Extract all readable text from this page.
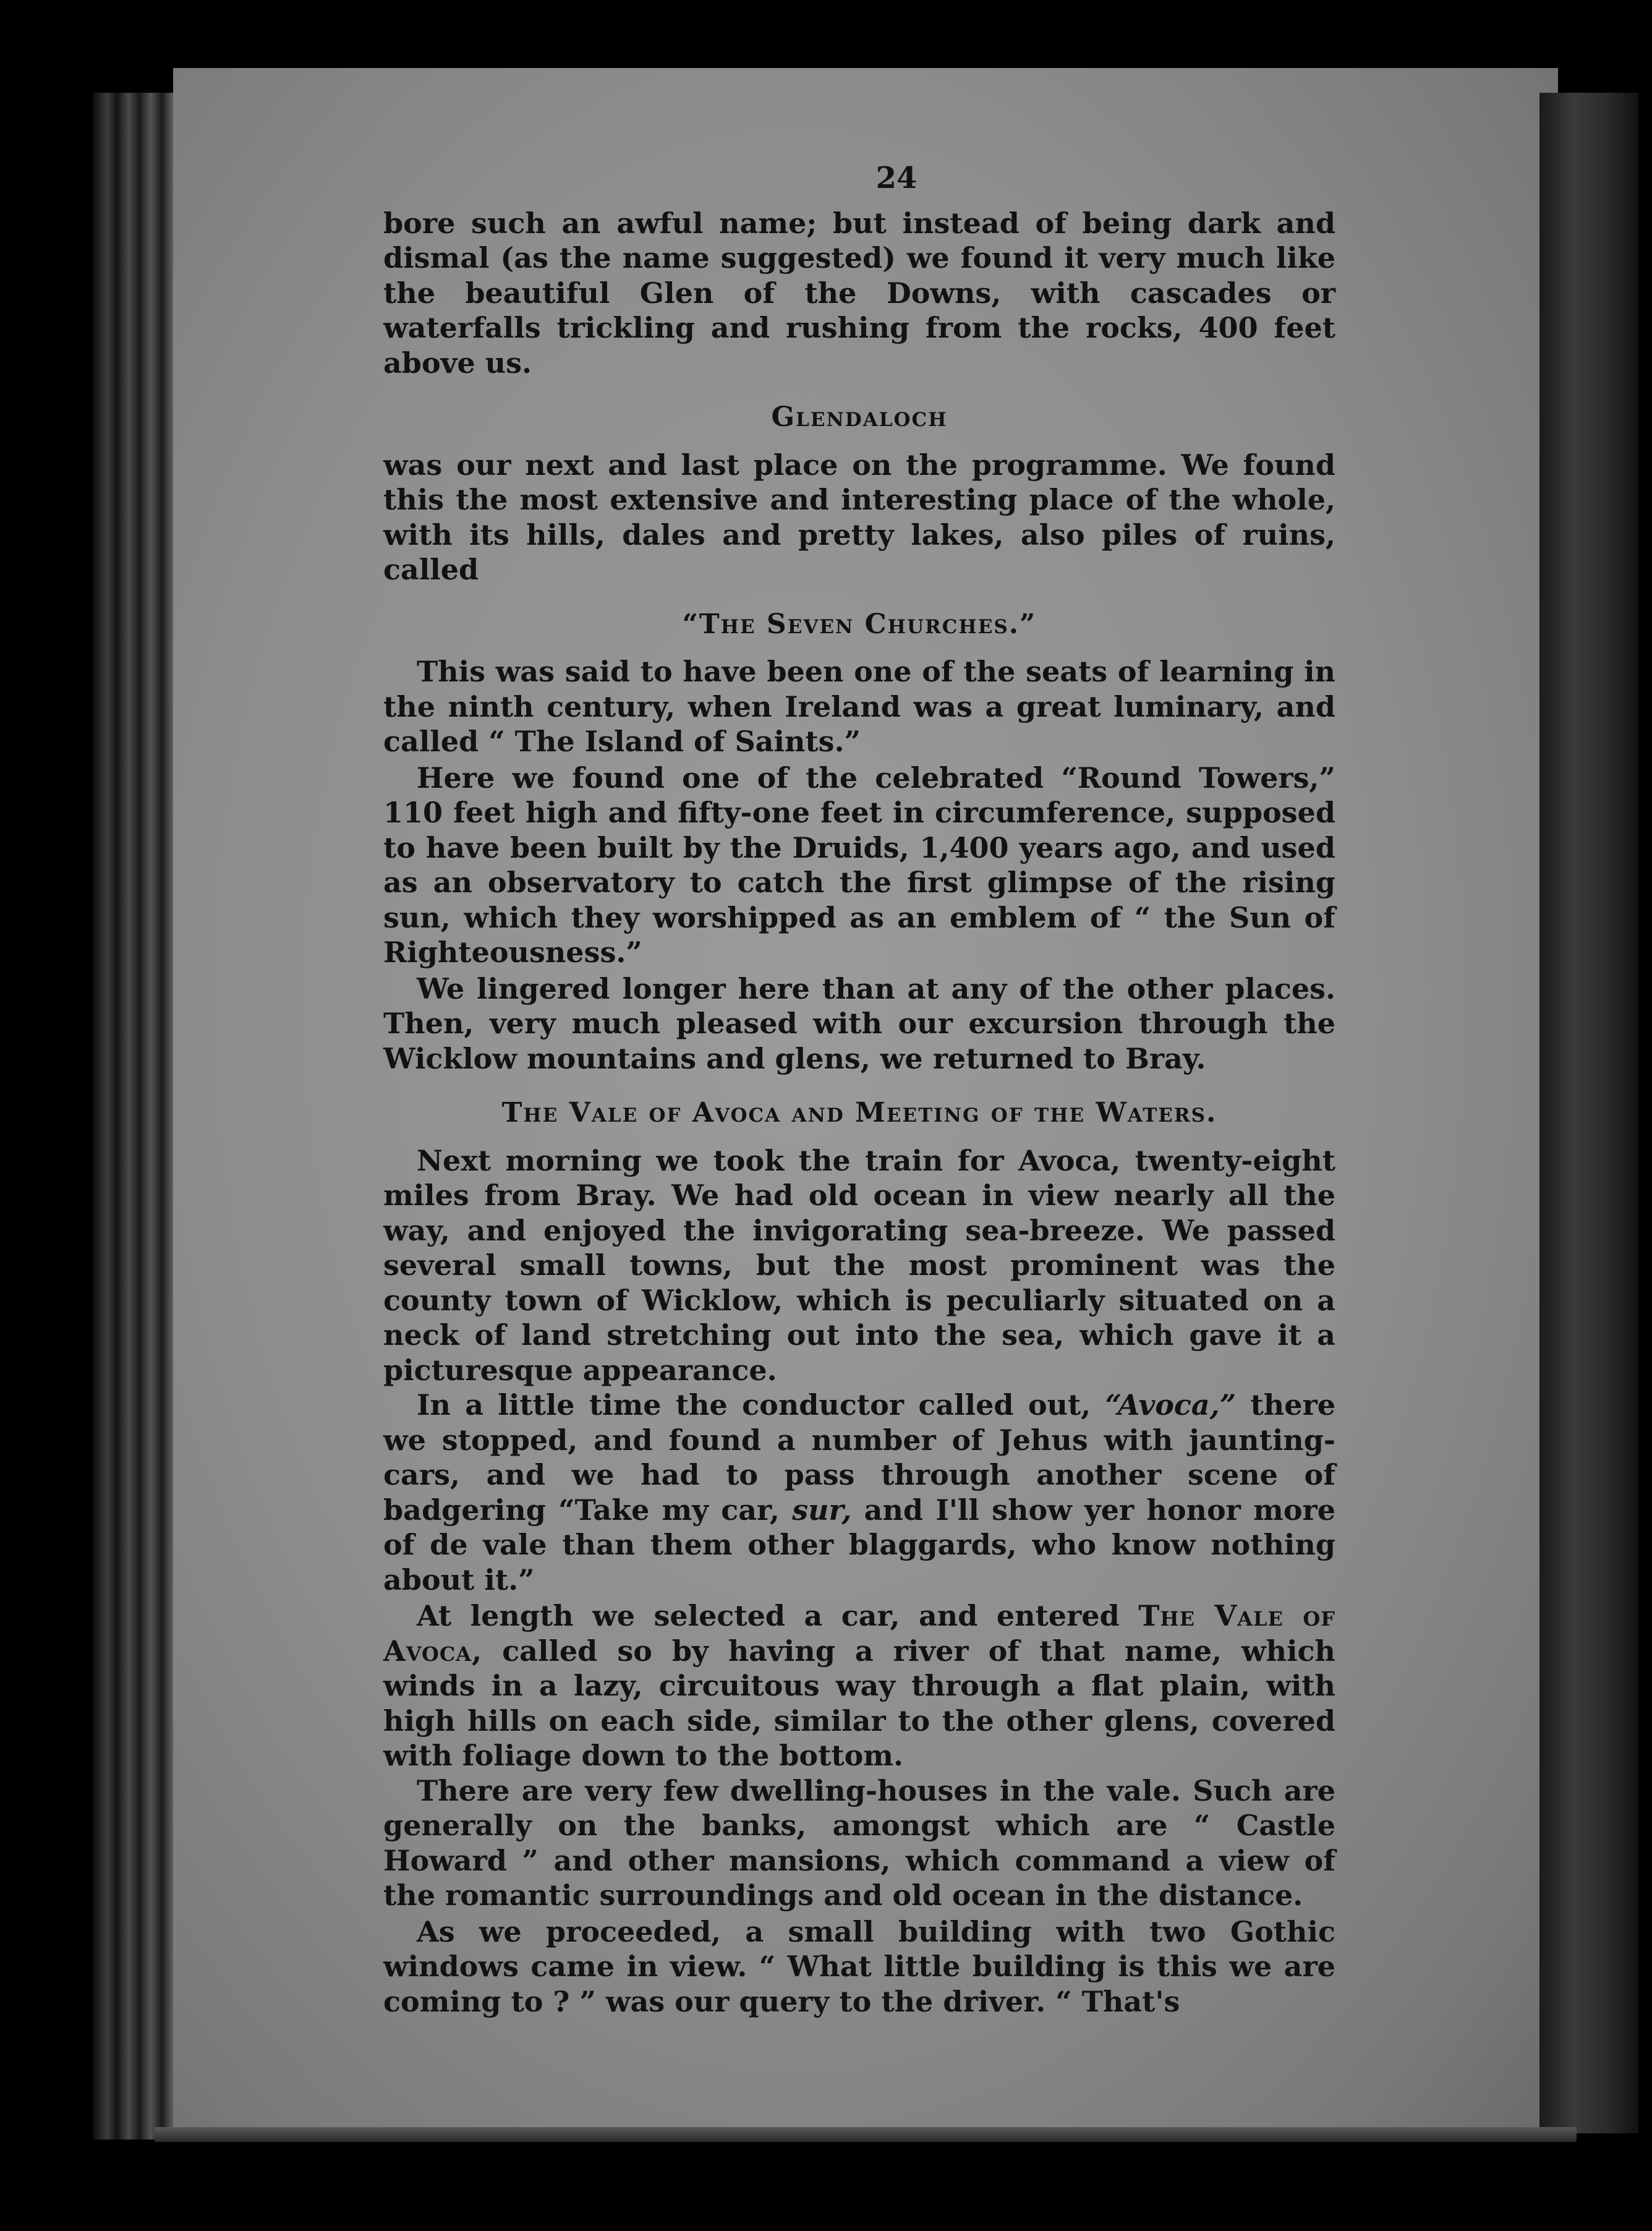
24

bore such an awful name; but instead of being dark and dismal (as the name suggested) we found it very much like the beautiful Glen of the Downs, with cascades or waterfalls trickling and rushing from the rocks, 400 feet above us.

Glendaloch

was our next and last place on the programme. We found this the most extensive and interesting place of the whole, with its hills, dales and pretty lakes, also piles of ruins, called

“The Seven Churches.”

This was said to have been one of the seats of learning in the ninth century, when Ireland was a great luminary, and called “ The Island of Saints.”

Here we found one of the celebrated “Round Towers,” 110 feet high and fifty-one feet in circumference, supposed to have been built by the Druids, 1,400 years ago, and used as an observatory to catch the first glimpse of the rising sun, which they worshipped as an emblem of “ the Sun of Righteousness.”

We lingered longer here than at any of the other places. Then, very much pleased with our excursion through the Wicklow mountains and glens, we returned to Bray.

The Vale of Avoca and Meeting of the Waters.

Next morning we took the train for Avoca, twenty-eight miles from Bray. We had old ocean in view nearly all the way, and enjoyed the invigorating sea-breeze. We passed several small towns, but the most prominent was the county town of Wicklow, which is peculiarly situated on a neck of land stretching out into the sea, which gave it a picturesque appearance.

In a little time the conductor called out, “Avoca,” there we stopped, and found a number of Jehus with jaunting-cars, and we had to pass through another scene of badgering “Take my car, sur, and I'll show yer honor more of de vale than them other blaggards, who know nothing about it.”

At length we selected a car, and entered The Vale of Avoca, called so by having a river of that name, which winds in a lazy, circuitous way through a flat plain, with high hills on each side, similar to the other glens, covered with foliage down to the bottom.

There are very few dwelling-houses in the vale. Such are generally on the banks, amongst which are “ Castle Howard ” and other mansions, which command a view of the romantic surroundings and old ocean in the distance.

As we proceeded, a small building with two Gothic windows came in view. “ What little building is this we are coming to ? ” was our query to the driver. “ That's
